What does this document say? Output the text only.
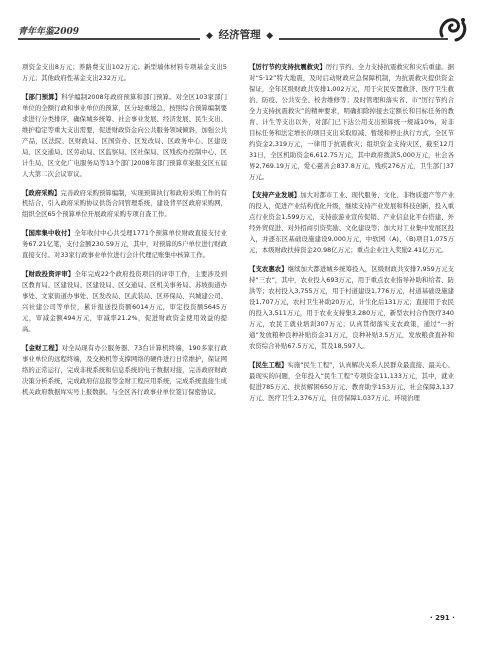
青年年鉴2009	◆ 经济管理 ◆

项资金支出8万元；养路费支出102万元；新型墙体材料专项基金支出5万元；其他政府性基金支出232万元。

【部门预算】科学编制2008年政府预算和部门预算。对全区103家部门单位的全额行政和事业单位的预算，区分轻重缓急，按照综合预算编制要求进行分类排序，确保城乡统筹、社会事业发展、经济发展、民生支出、维护稳定等重大支出需要，促进财政资金向公共服务领域倾斜，加强公共产品，区法院、区财政局、区国资办、区发改局、区政务中心、区建设局、区交通局、区劳动局、区监察局、区社保局、区残疾办控制中心、区计生局、区文化广电服务局等13个部门2008年部门预算草案报交区五届人大第二次会议审议。

【政府采购】完善政府采购预算编制，实现预算执行和政府采购工作的有机结合，引入政府采购协议供货合同管理系统，建设背平区政府采购网，组织全区65个预算单位开展政府采购专项自查工作。

【国库集中收付】全年收付中心共受理1771个预算单位财政直接支付业务67.21亿笔，支付金额230.59万元，其中，对预算的5户单位进行财政直接支付。对33家行政事业单位进行会计代理记账集中核算工作。

【财政投资评审】全年完成22个政府投资项目的评审工作，主要涉及到区教育局、区建设局、区建设局、区交通局、区机关事务局、苏坡街道办事处、文家街道办事处、区发改局、区武装局、区环保局、兴城建公司、兴社建公司等单位，累计报送投资额6014万元，审定投资额5645万元，审减金额494万元，审减率21.2%，促进财政资金使用效益的提高。

【金财工程】对全局现有办公服务器、73台计算机终端，190多家行政事业单位的远程终端，及交换机等支撑网络的硬件进行日常维护，保证网络的正常运行，完成非税系统和信息系统的电子数据对接，完善政府财政决策分析系统，完成政府信息报等金财工程应用系统，完成系统直接生成机关政府数据库实号上报数据。与全区各行政事业单位签订保密协议。

【厉行节约支持抗震救灾】厉行节约、全力支持抗震救灾和灾后重建。据对“5·12”特大地震，及时启动财政应急保障机制，为抗震救灾提供资金保证，全年区级财政共安排1,002万元，用于灾民安置救济、医疗卫生救治、防疫、公共安全、校舍维修等；及时管理和落实省、市“厉行节约合全力支持抗震救灾”的精神要求，明确扣除掉接去定额长和目标任务的教育、计生等支出以外，对部门已下达公用支出预算统一规减10%，对非目标任务和法定增长的项目支出采取原减、暂缓和停止执行方式，全区节约资金2,319万元，一律用于抗震救灾；组织资金支持灾区，截至12月31日，全区机助资金6,612.75万元，其中政府拨款5,000万元，社会各界2,769.19万元，爱心慈善会837.8万元，残疾276万元，卫生部门37万元。

【支持产业发展】加大对都市工业、现代服务、文化、非物质遗产等产业的投入，促进产业结构优化升级，继续支持产业发展和科技创新，投入重点行业资金1,599万元，支持旅游业宣传促销、产业信息化平台搭建、外经外贸促进、对外招商引资奖励、文化建设等；加大对工业集中发展区投入，并逐东区基础设施建设9,000万元，中软园（A)、（B)项目1,075万元，本级财政扶持资金20.98亿万元；重点企业注入奖励2.41亿万元。

【支农惠农】继续加大都进城乡统筹投入，区级财政共安排7,959万元支持“三农”，其中，农业投入693万元，用于重点农业指导补助和给者、防洪等；农村投入3,755万元，用于村道建设1,776万元，村道基础设施建设1,707万元，农村卫生补助20万元，计生化后131万元；直接用于农民的投入3,511万元，用于农业支持集3,280万元，新型农村合作医疗340万元，农民工就业培训307万元；认真贯彻落实支农政策，通过“一折通”发放粮种良种补贴资金31万元，良种补贴3.5万元，发放粮食直补和农资综合补贴67.5万元，贯及18,597人。

【民生工程】实施“民生工程”，认真解决关系人民群众最直接、最关心、最现实的问题，全年投入“民生工程”专项资金11,133万元，其中，就业促进785万元、扶贫解困650万元、教育助学153万元、社会保障3,137万元、医疗卫生2,376万元，住房保障1,037万元、环境治理

· 291 ·
